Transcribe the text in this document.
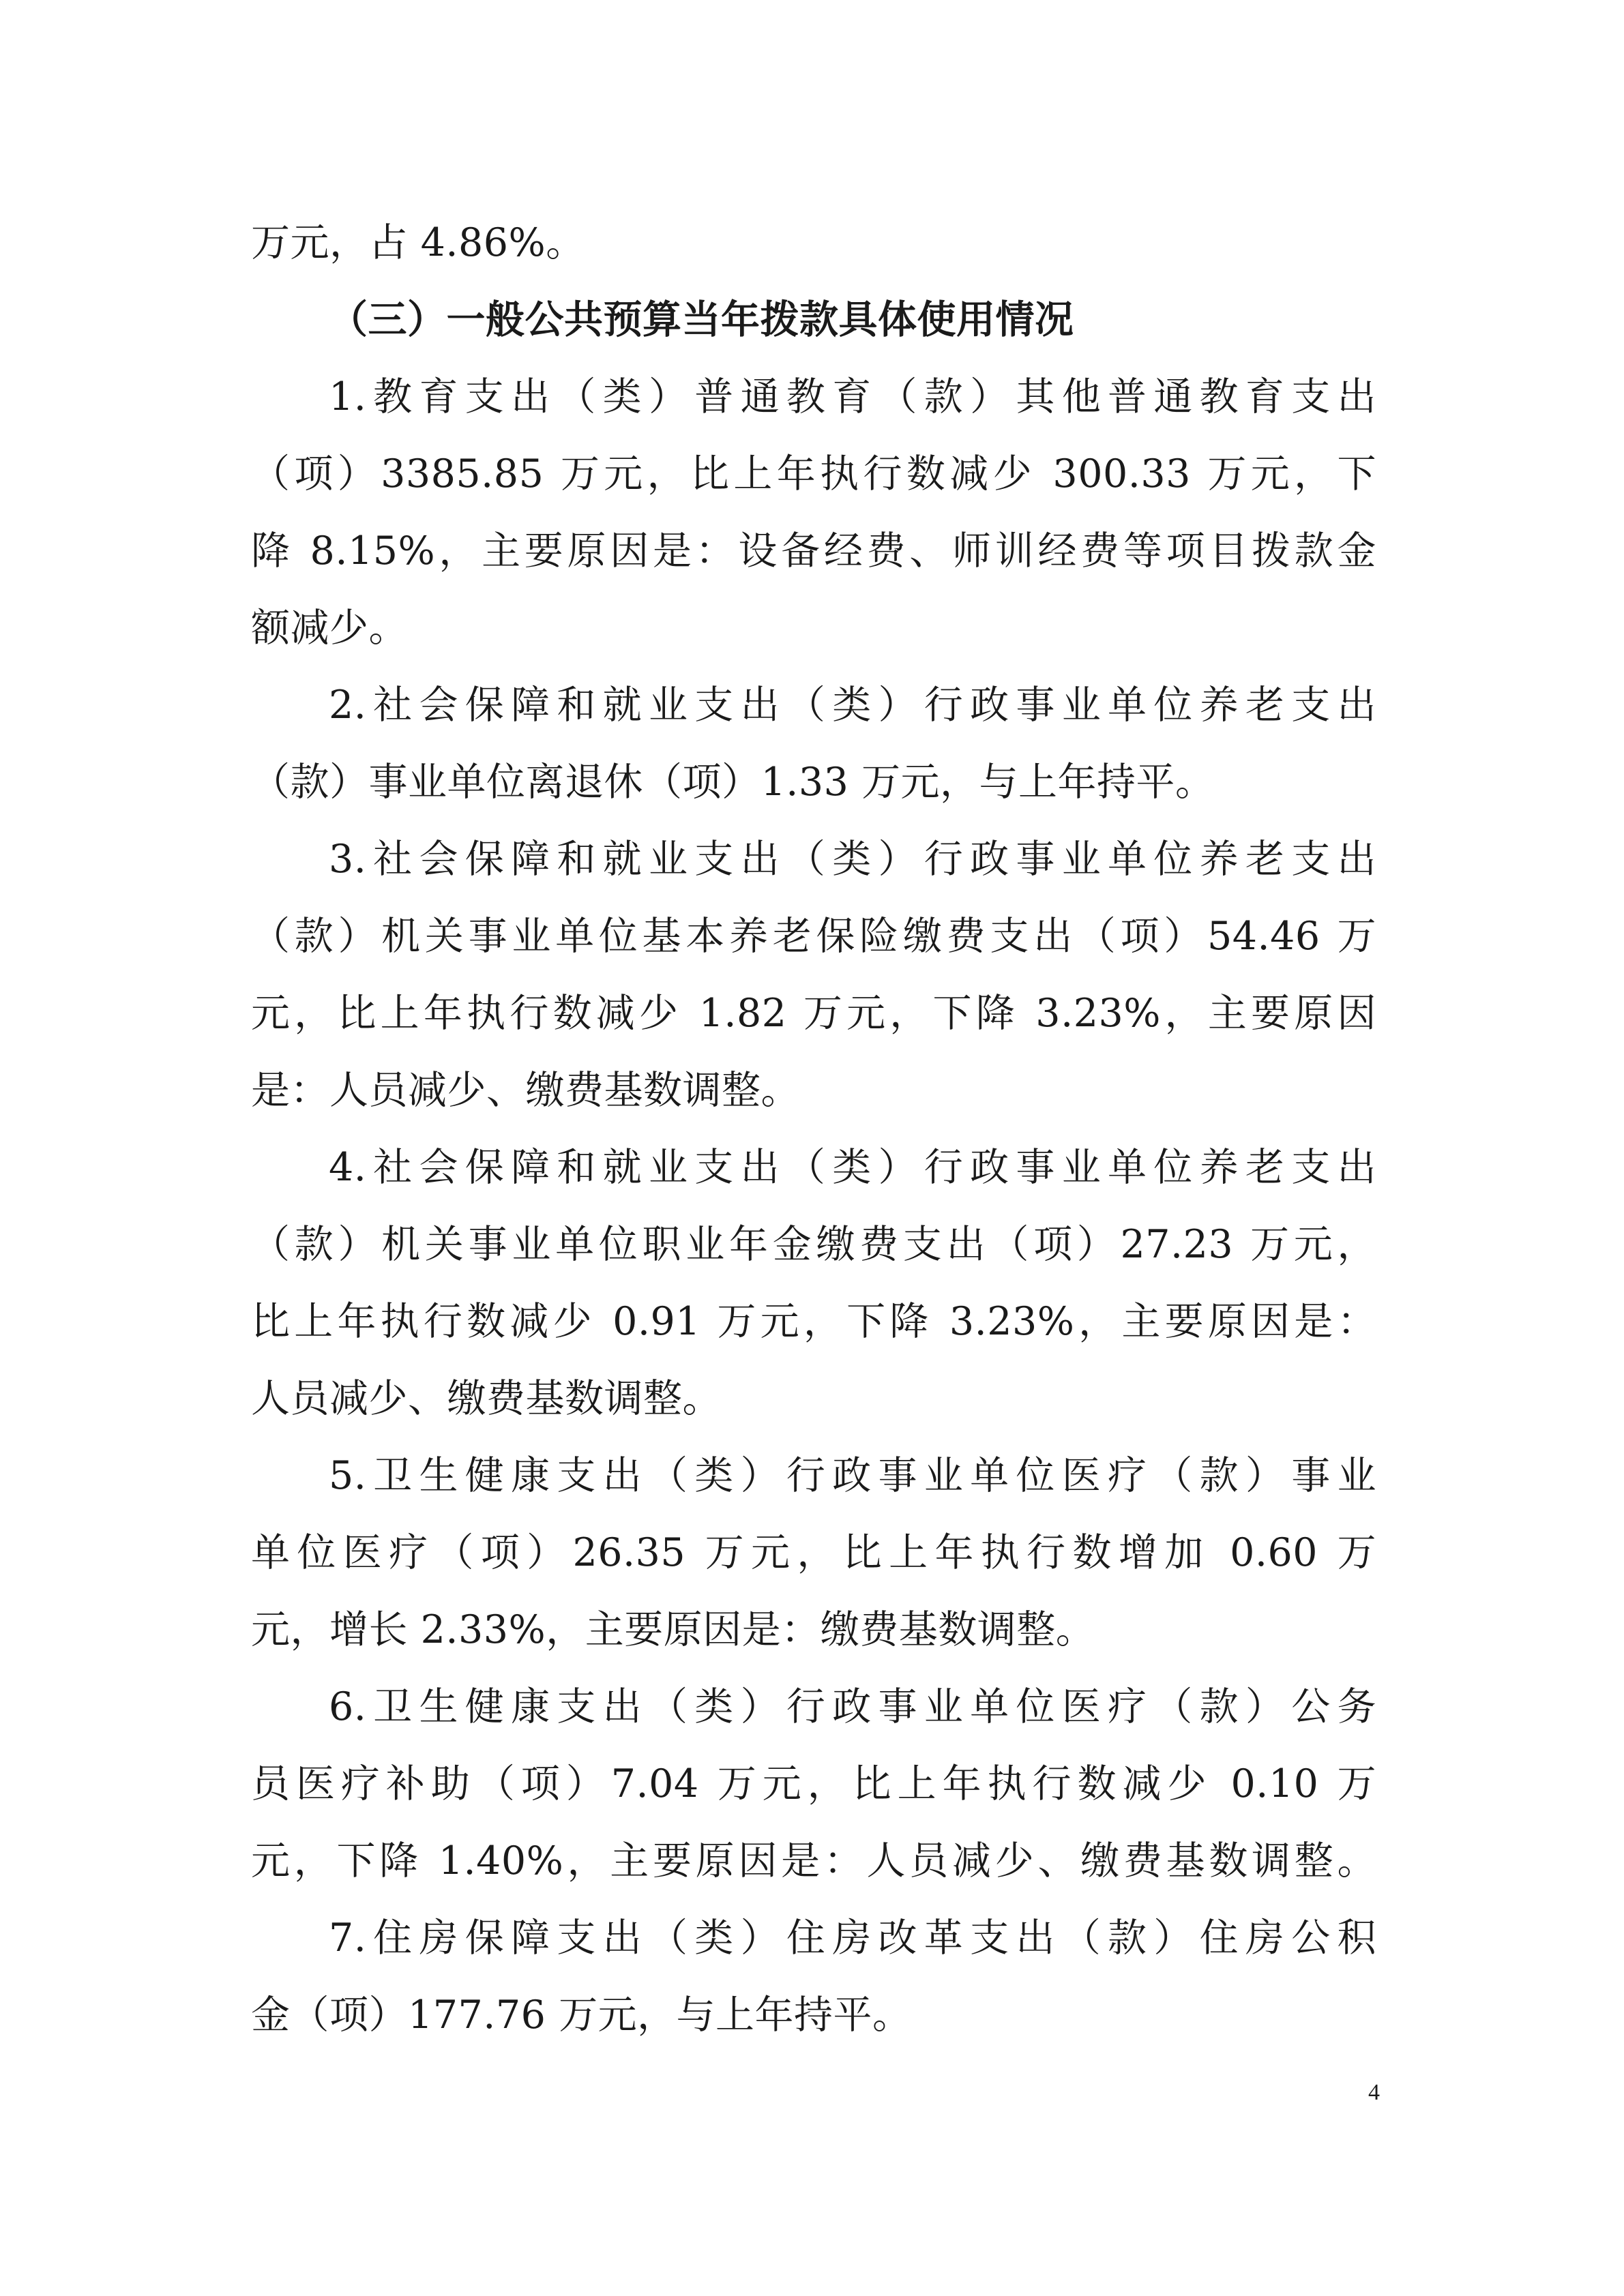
万元，占 4.86%。
（三）一般公共预算当年拨款具体使用情况
1.教育支出（类）普通教育（款）其他普通教育支出
（项）3385.85 万元，比上年执行数减少 300.33 万元，下
降 8.15%，主要原因是：设备经费、师训经费等项目拨款金
额减少。
2.社会保障和就业支出（类）行政事业单位养老支出
（款）事业单位离退休（项）1.33 万元，与上年持平。
3.社会保障和就业支出（类）行政事业单位养老支出
（款）机关事业单位基本养老保险缴费支出（项）54.46 万
元，比上年执行数减少 1.82 万元，下降 3.23%，主要原因
是：人员减少、缴费基数调整。
4.社会保障和就业支出（类）行政事业单位养老支出
（款）机关事业单位职业年金缴费支出（项）27.23 万元，
比上年执行数减少 0.91 万元，下降 3.23%，主要原因是：
人员减少、缴费基数调整。
5.卫生健康支出（类）行政事业单位医疗（款）事业
单位医疗（项）26.35 万元，比上年执行数增加 0.60 万
元，增长 2.33%，主要原因是：缴费基数调整。
6.卫生健康支出（类）行政事业单位医疗（款）公务
员医疗补助（项）7.04 万元，比上年执行数减少 0.10 万
元，下降 1.40%，主要原因是：人员减少、缴费基数调整。
7.住房保障支出（类）住房改革支出（款）住房公积
金（项）177.76 万元，与上年持平。
4
